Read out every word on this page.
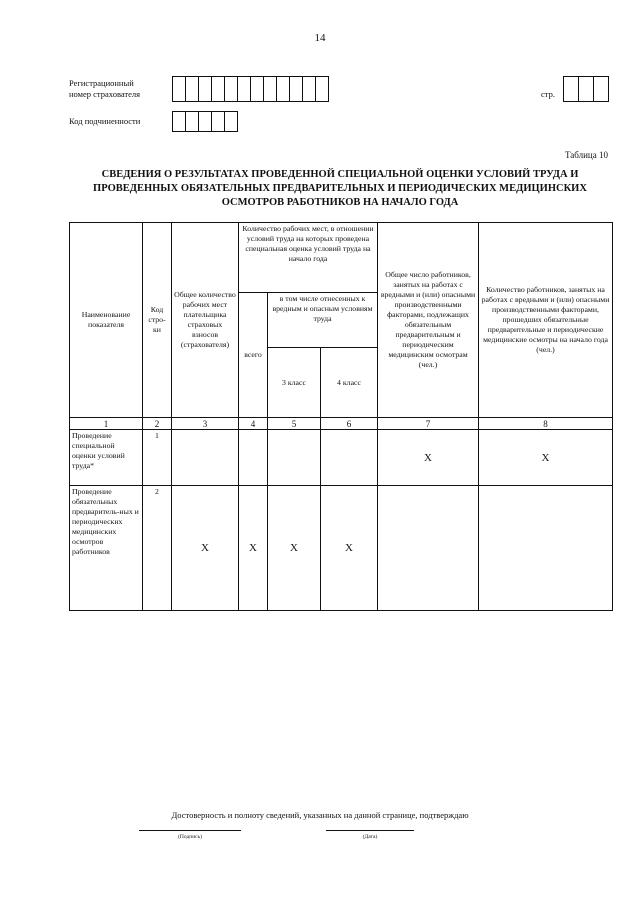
14
Регистрационный
номер страхователя	стр.
Код подчиненности
Таблица 10
СВЕДЕНИЯ О РЕЗУЛЬТАТАХ ПРОВЕДЕННОЙ СПЕЦИАЛЬНОЙ ОЦЕНКИ УСЛОВИЙ ТРУДА И
ПРОВЕДЕННЫХ ОБЯЗАТЕЛЬНЫХ ПРЕДВАРИТЕЛЬНЫХ И ПЕРИОДИЧЕСКИХ МЕДИЦИНСКИХ
ОСМОТРОВ РАБОТНИКОВ НА НАЧАЛО ГОДА
Наименование показателя	Код стро-ки	Общее количество рабочих мест плательщика страховых взносов (страхователя)	Количество рабочих мест, в отношении условий труда на которых проведена специальная оценка условий труда на начало года			Общее число работников, занятых на работах с вредными и (или) опасными производственными факторами, подлежащих обязательным предварительным и периодическим медицинским осмотрам (чел.)	Количество работников, занятых на работах с вредными и (или) опасными производственными факторами, прошедших обязательные предварительные и периодические медицинские осмотры на начало года (чел.)
			всего	в том числе отнесенных к вредным и опасным условиям труда			
				3 класс	4 класс		
1	2	3	4	5	6	7	8
Проведение специальной оценки условий труда*	1					Х	Х
Проведение обязательных предваритель-ных и периодических медицинских осмотров работников	2	Х	Х	Х	Х		
Достоверность и полноту сведений, указанных на данной странице, подтверждаю
(Подпись)	(Дата)
